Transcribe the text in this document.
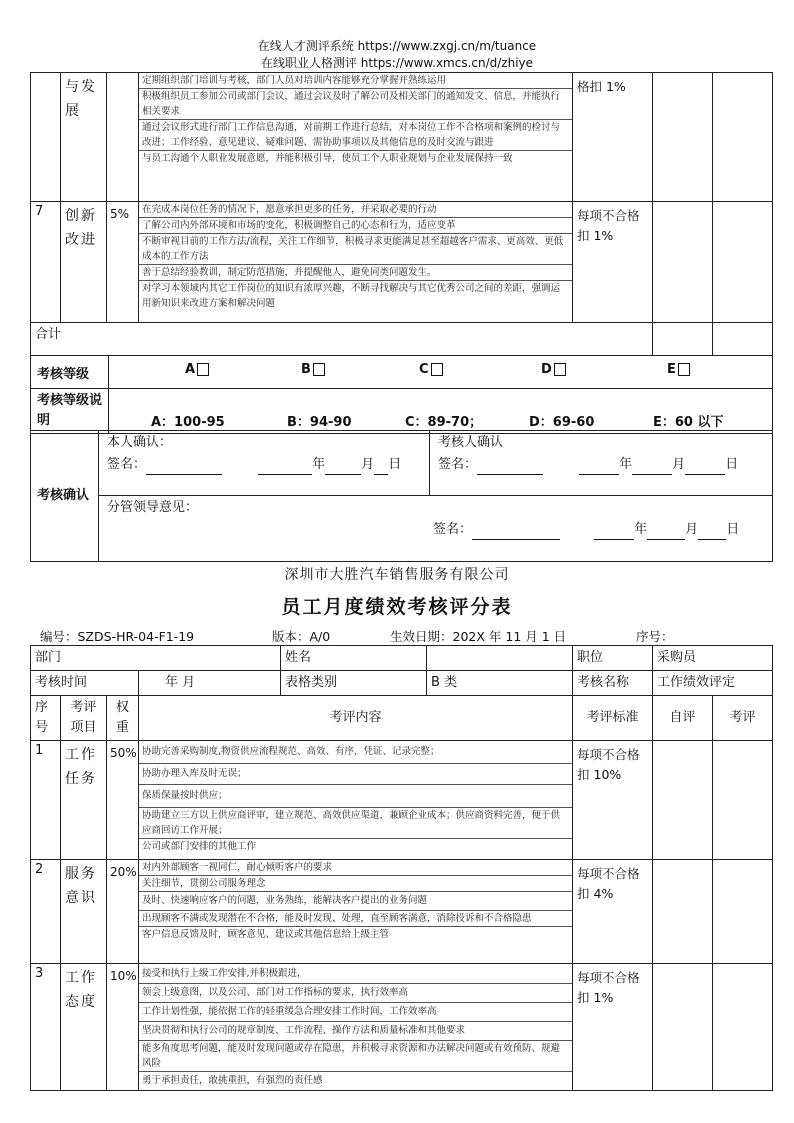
在线人才测评系统 https://www.zxgj.cn/m/tuance
在线职业人格测评 https://www.xmcs.cn/d/zhiye
	与发展		
定期组织部门培训与考核，部门人员对培训内容能够充分掌握并熟练运用
积极组织员工参加公司或部门会议，通过会议及时了解公司及相关部门的通知发文、信息，并能执行相关要求
通过会议形式进行部门工作信息沟通，对前期工作进行总结，对本岗位工作不合格项和案例的检讨与改进；工作经验、意见建议、疑难问题、需协助事项以及其他信息的及时交流与跟进
与员工沟通个人职业发展意愿，并能积极引导，使员工个人职业规划与企业发展保持一致
	格扣 1%		
7	创新改进	5%	在完成本岗位任务的情况下，愿意承担更多的任务，并采取必要的行动
了解公司内外部环境和市场的变化，积极调整自己的心态和行为，适应变革
不断审视目前的工作方法/流程，关注工作细节，积极寻求更能满足甚至超越客户需求、更高效、更低成本的工作方法
善于总结经验教训，制定防范措施，并提醒他人，避免同类问题发生。
对学习本领域内其它工作岗位的知识有浓厚兴趣，不断寻找解决与其它优秀公司之间的差距，强调运用新知识来改进方案和解决问题
	每项不合格扣 1%		
合计		
考核等级	A B C D E

考核等级说明	A：100-95 B：94-90 C：89-70； D：69-60 E：60 以下
考核确认	
本人确认：
签名：	年	月 日

考核人确认
签名：	年	月	日

分管领导意见：
签名：	年	月 日
深圳市大胜汽车销售服务有限公司
员工月度绩效考核评分表
编号：SZDS-HR-04-F1-19	版本：A/0	生效日期：202X 年 11 月 1 日	序号：
部门	姓名		职位	采购员
考核时间	年 月	表格类别	B 类	考核名称	工作绩效评定
序号	考评项目	权重	考评内容	考评标准	自评	考评
1	工作任务	50%	协助完善采购制度,物资供应流程规范、高效、有序，凭证、记录完整；
协助办理入库及时无误；
保质保量按时供应；
协助建立三方以上供应商评审，建立规范、高效供应渠道，兼顾企业成本；供应商资料完善，便于供应商回访工作开展；
公司或部门安排的其他工作
	每项不合格扣 10%		
2	服务意识	20%	对内外部顾客一视同仁，耐心倾听客户的要求
关注细节，贯彻公司服务理念
及时、快速响应客户的问题，业务熟练，能解决客户提出的业务问题
出现顾客不满或发现潜在不合格，能及时发现、处理，直至顾客满意，消除投诉和不合格隐患
客户信息反馈及时，顾客意见、建议或其他信息给上级主管
	每项不合格扣 4%		
3	工作态度	10%	接受和执行上级工作安排,并积极跟进，
领会上级意图，以及公司、部门对工作指标的要求，执行效率高
工作计划性强，能依据工作的轻重缓急合理安排工作时间，工作效率高
坚决贯彻和执行公司的规章制度、工作流程、操作方法和质量标准和其他要求
能多角度思考问题，能及时发现问题或存在隐患，并积极寻求资源和办法解决问题或有效预防、规避风险
勇于承担责任，敢挑重担，有强烈的责任感
	每项不合格扣 1%		
